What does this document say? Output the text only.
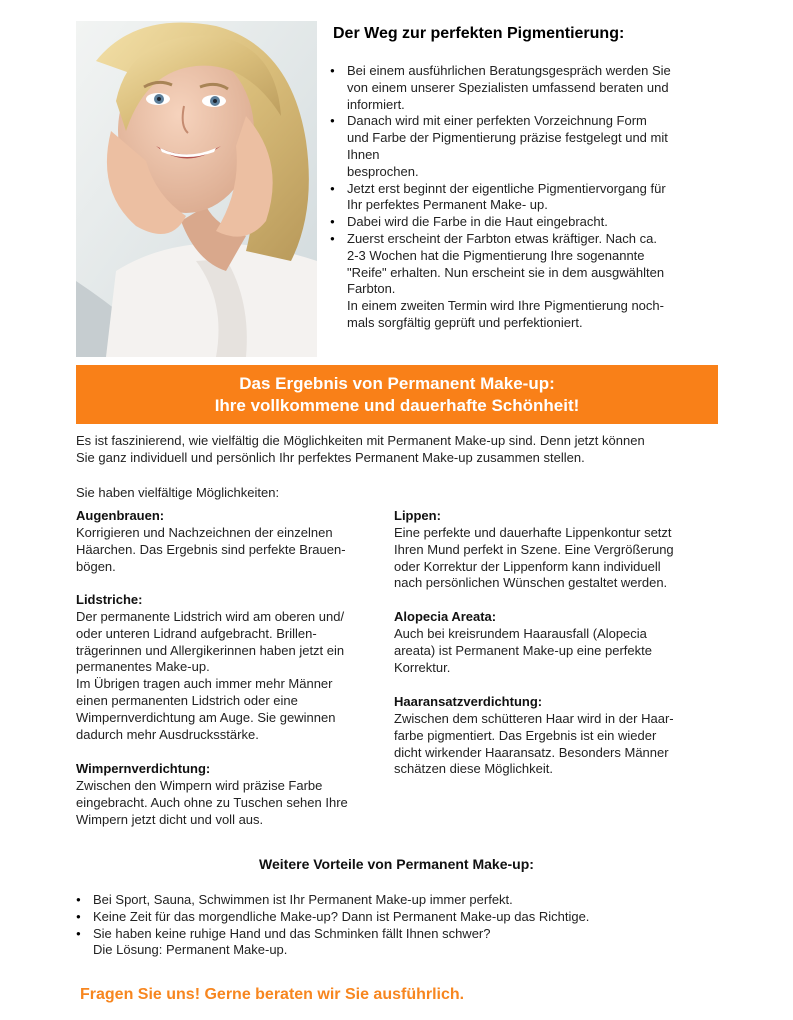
Der Weg zur perfekten Pigmentierung:
● Bei einem ausführlichen Beratungsgespräch werden Sie
von einem unserer Spezialisten umfassend beraten und
informiert.
● Danach wird mit einer perfekten Vorzeichnung Form
und Farbe der Pigmentierung präzise festgelegt und mit
Ihnen
besprochen.
● Jetzt erst beginnt der eigentliche Pigmentiervorgang für
Ihr perfektes Permanent Make- up.
● Dabei wird die Farbe in die Haut eingebracht.
● Zuerst erscheint der Farbton etwas kräftiger. Nach ca.
2-3 Wochen hat die Pigmentierung Ihre sogenannte
"Reife" erhalten. Nun erscheint sie in dem ausgwählten
Farbton.
In einem zweiten Termin wird Ihre Pigmentierung noch-
mals sorgfältig geprüft und perfektioniert.
Das Ergebnis von Permanent Make-up:
Ihre vollkommene und dauerhafte Schönheit!

Es ist faszinierend, wie vielfältig die Möglichkeiten mit Permanent Make-up sind. Denn jetzt können
Sie ganz individuell und persönlich Ihr perfektes Permanent Make-up zusammen stellen.

Sie haben vielfältige Möglichkeiten:

Augenbrauen:

Korrigieren und Nachzeichnen der einzelnen
Häarchen. Das Ergebnis sind perfekte Brauen-
bögen.

Lidstriche:

Der permanente Lidstrich wird am oberen und/
oder unteren Lidrand aufgebracht. Brillen-
trägerinnen und Allergikerinnen haben jetzt ein
permanentes Make-up.
Im Übrigen tragen auch immer mehr Männer
einen permanenten Lidstrich oder eine
Wimpernverdichtung am Auge. Sie gewinnen
dadurch mehr Ausdrucksstärke.

Wimpernverdichtung:

Zwischen den Wimpern wird präzise Farbe
eingebracht. Auch ohne zu Tuschen sehen Ihre
Wimpern jetzt dicht und voll aus.

Lippen:

Eine perfekte und dauerhafte Lippenkontur setzt
Ihren Mund perfekt in Szene. Eine Vergrößerung
oder Korrektur der Lippenform kann individuell
nach persönlichen Wünschen gestaltet werden.

Alopecia Areata:

Auch bei kreisrundem Haarausfall (Alopecia
areata) ist Permanent Make-up eine perfekte
Korrektur.

Haaransatzverdichtung:

Zwischen dem schütteren Haar wird in der Haar-
farbe pigmentiert. Das Ergebnis ist ein wieder
dicht wirkender Haaransatz. Besonders Männer
schätzen diese Möglichkeit.

Weitere Vorteile von Permanent Make-up:
● Bei Sport, Sauna, Schwimmen ist Ihr Permanent Make-up immer perfekt.
● Keine Zeit für das morgendliche Make-up? Dann ist Permanent Make-up das Richtige.
● Sie haben keine ruhige Hand und das Schminken fällt Ihnen schwer?
Die Lösung: Permanent Make-up.

Fragen Sie uns! Gerne beraten wir Sie ausführlich.
